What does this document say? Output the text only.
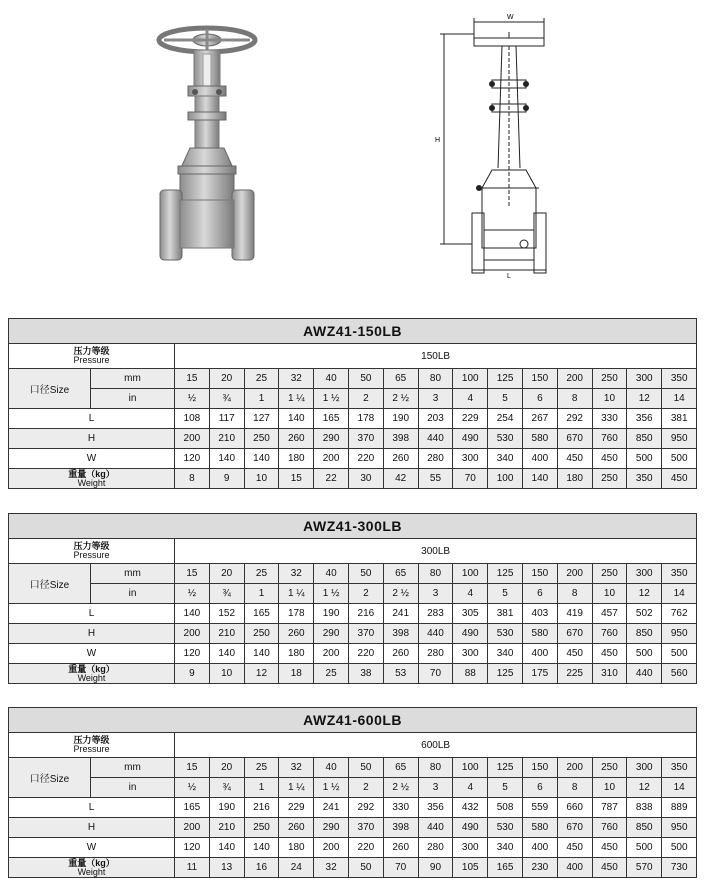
W
H
L
AWZ41-150LB																

压力等级
Pressure		150LB														
口径Size	mm	15	20	25	32	40	50	65	80	100	125	150	200	250	300	350
	in	½	¾	1	1 ¼	1 ½	2	2 ½	3	4	5	6	8	10	12	14
L		108	117	127	140	165	178	190	203	229	254	267	292	330	356	381
H		200	210	250	260	290	370	398	440	490	530	580	670	760	850	950
W		120	140	140	180	200	220	260	280	300	340	400	450	450	500	500

重量（kg）
Weight		8	9	10	15	22	30	42	55	70	100	140	180	250	350	450
AWZ41-300LB																

压力等级
Pressure		300LB														
口径Size	mm	15	20	25	32	40	50	65	80	100	125	150	200	250	300	350
	in	½	¾	1	1 ¼	1 ½	2	2 ½	3	4	5	6	8	10	12	14
L		140	152	165	178	190	216	241	283	305	381	403	419	457	502	762
H		200	210	250	260	290	370	398	440	490	530	580	670	760	850	950
W		120	140	140	180	200	220	260	280	300	340	400	450	450	500	500

重量（kg）
Weight		9	10	12	18	25	38	53	70	88	125	175	225	310	440	560
AWZ41-600LB																

压力等级
Pressure		600LB														
口径Size	mm	15	20	25	32	40	50	65	80	100	125	150	200	250	300	350
	in	½	¾	1	1 ¼	1 ½	2	2 ½	3	4	5	6	8	10	12	14
L		165	190	216	229	241	292	330	356	432	508	559	660	787	838	889
H		200	210	250	260	290	370	398	440	490	530	580	670	760	850	950
W		120	140	140	180	200	220	260	280	300	340	400	450	450	500	500

重量（kg）
Weight		11	13	16	24	32	50	70	90	105	165	230	400	450	570	730
